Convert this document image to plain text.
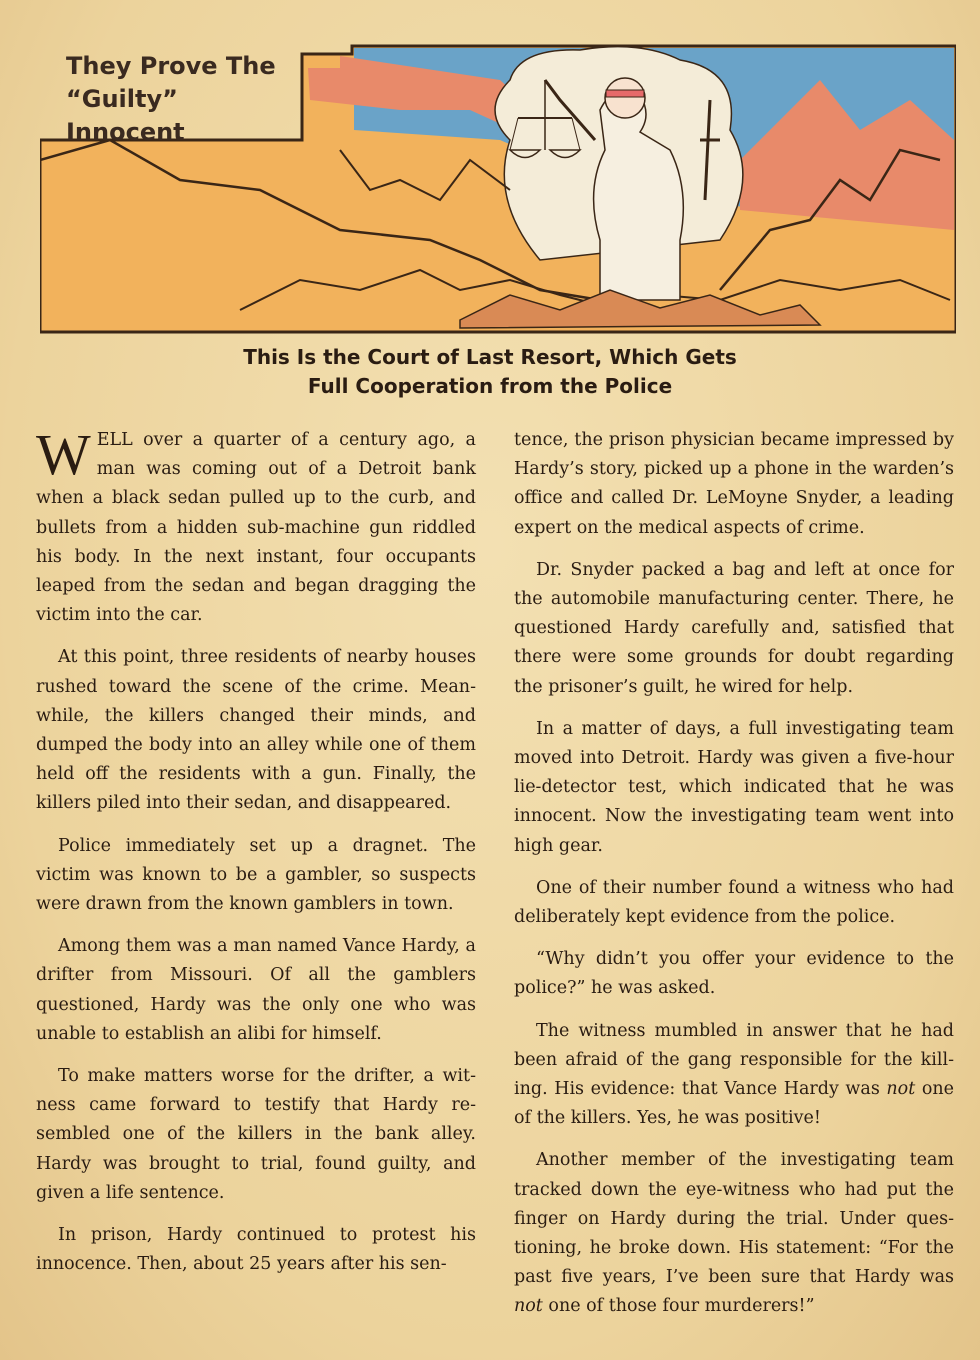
They Prove The
“Guilty” Innocent
This Is the Court of Last Resort, Which Gets
Full Cooperation from the Police

WELL over a quarter of a century ago, a man was coming out of a Detroit bank when a black sedan pulled up to the curb, and bullets from a hidden sub-machine gun riddled his body. In the next instant, four occupants leaped from the sedan and began dragging the victim into the car.

At this point, three residents of nearby houses rushed toward the scene of the crime. Meanwhile, the killers changed their minds, and dumped the body into an alley while one of them held off the residents with a gun. Finally, the killers piled into their sedan, and disappeared.

Police immediately set up a dragnet. The victim was known to be a gambler, so suspects were drawn from the known gamblers in town.

Among them was a man named Vance Hardy, a drifter from Missouri. Of all the gamblers questioned, Hardy was the only one who was unable to establish an alibi for himself.

To make matters worse for the drifter, a witness came forward to testify that Hardy resembled one of the killers in the bank alley. Hardy was brought to trial, found guilty, and given a life sentence.

In prison, Hardy continued to protest his innocence. Then, about 25 years after his sen-

tence, the prison physician became impressed by Hardy’s story, picked up a phone in the warden’s office and called Dr. LeMoyne Snyder, a leading expert on the medical aspects of crime.

Dr. Snyder packed a bag and left at once for the automobile manufacturing center. There, he questioned Hardy carefully and, satisfied that there were some grounds for doubt regarding the prisoner’s guilt, he wired for help.

In a matter of days, a full investigating team moved into Detroit. Hardy was given a five-hour lie-detector test, which indicated that he was innocent. Now the investigating team went into high gear.

One of their number found a witness who had deliberately kept evidence from the police.

“Why didn’t you offer your evidence to the police?” he was asked.

The witness mumbled in answer that he had been afraid of the gang responsible for the killing. His evidence: that Vance Hardy was not one of the killers. Yes, he was positive!

Another member of the investigating team tracked down the eye-witness who had put the finger on Hardy during the trial. Under questioning, he broke down. His statement: “For the past five years, I’ve been sure that Hardy was not one of those four murderers!”
